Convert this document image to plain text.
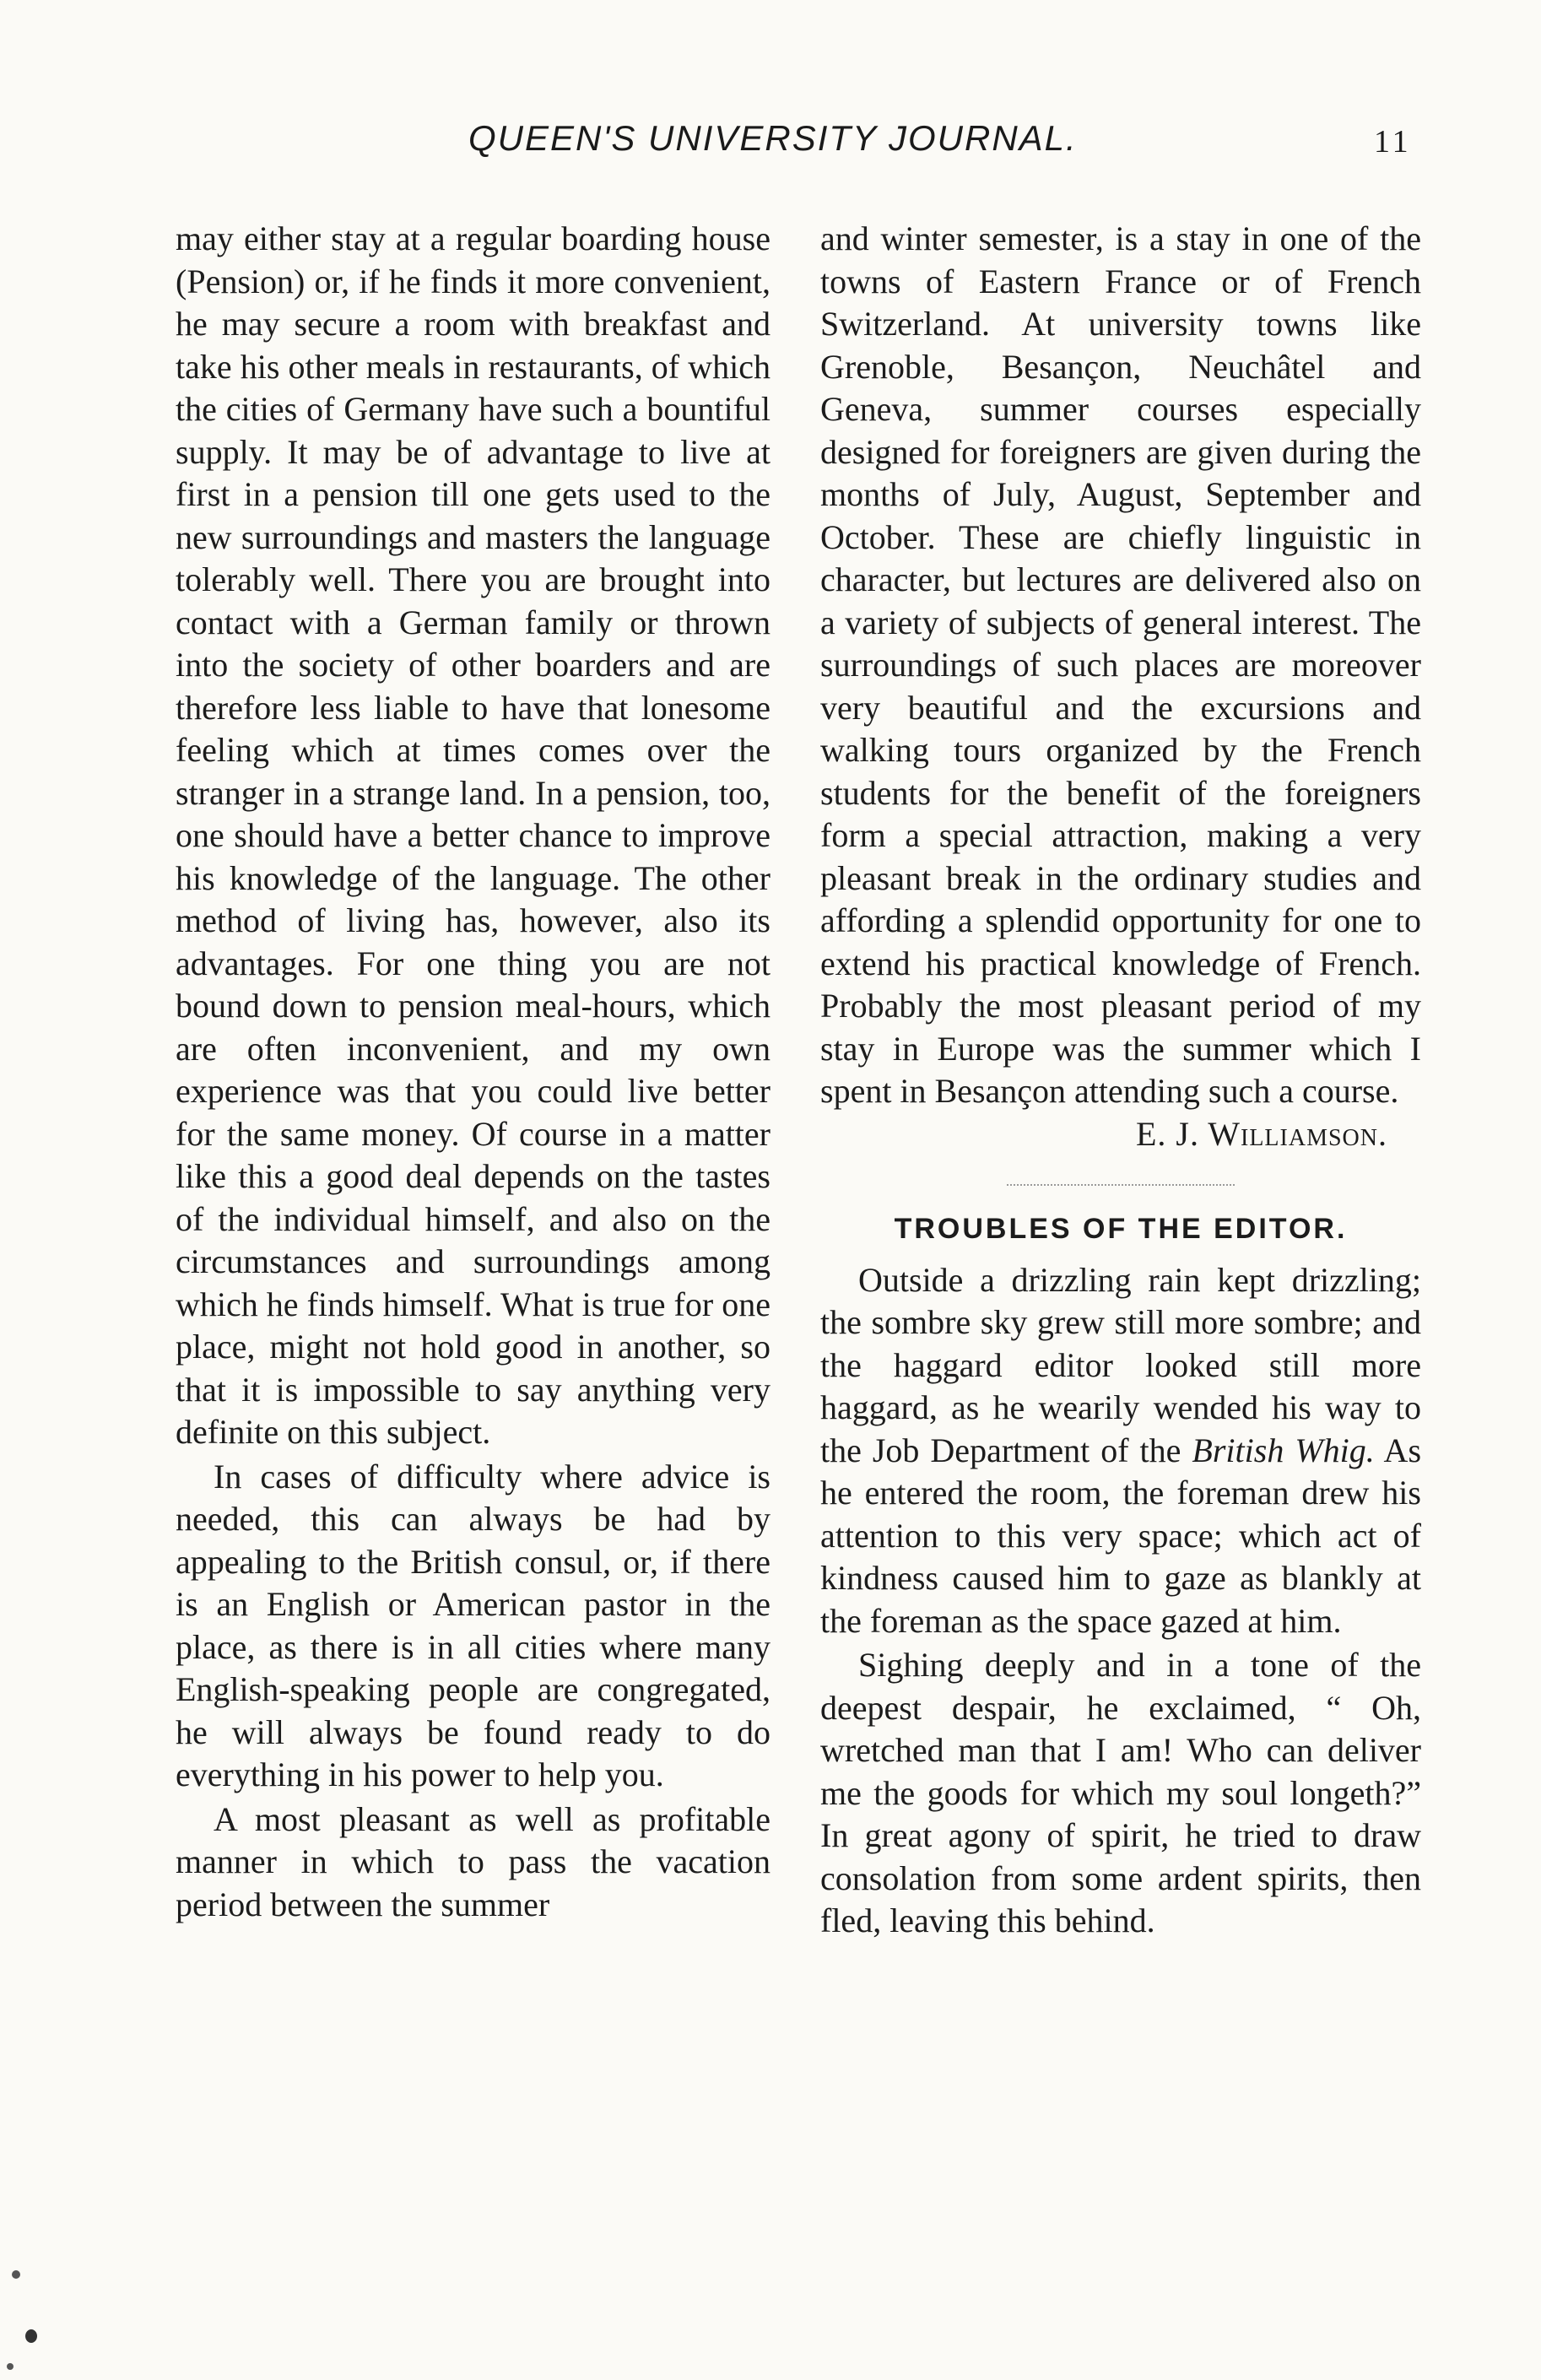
QUEEN'S UNIVERSITY JOURNAL.	11

may either stay at a regular boarding house (Pension) or, if he finds it more convenient, he may secure a room with breakfast and take his other meals in restaurants, of which the cities of Germany have such a bountiful supply. It may be of advantage to live at first in a pension till one gets used to the new surroundings and masters the language tolerably well. There you are brought into contact with a German family or thrown into the society of other boarders and are therefore less liable to have that lonesome feeling which at times comes over the stranger in a strange land. In a pension, too, one should have a better chance to improve his knowledge of the language. The other method of living has, however, also its advantages. For one thing you are not bound down to pension meal-hours, which are often inconvenient, and my own experience was that you could live better for the same money. Of course in a matter like this a good deal depends on the tastes of the individual himself, and also on the circumstances and surroundings among which he finds himself. What is true for one place, might not hold good in another, so that it is impossible to say anything very definite on this subject.

In cases of difficulty where advice is needed, this can always be had by appealing to the British consul, or, if there is an English or American pastor in the place, as there is in all cities where many English-speaking people are congregated, he will always be found ready to do everything in his power to help you.

A most pleasant as well as profitable manner in which to pass the vacation period between the summer

and winter semester, is a stay in one of the towns of Eastern France or of French Switzerland. At university towns like Grenoble, Besançon, Neuchâtel and Geneva, summer courses especially designed for foreigners are given during the months of July, August, September and October. These are chiefly linguistic in character, but lectures are delivered also on a variety of subjects of general interest. The surroundings of such places are moreover very beautiful and the excursions and walking tours organized by the French students for the benefit of the foreigners form a special attraction, making a very pleasant break in the ordinary studies and affording a splendid opportunity for one to extend his practical knowledge of French. Probably the most pleasant period of my stay in Europe was the summer which I spent in Besançon attending such a course.

E. J. Williamson.

TROUBLES OF THE EDITOR.

Outside a drizzling rain kept drizzling; the sombre sky grew still more sombre; and the haggard editor looked still more haggard, as he wearily wended his way to the Job Department of the British Whig. As he entered the room, the foreman drew his attention to this very space; which act of kindness caused him to gaze as blankly at the foreman as the space gazed at him.

Sighing deeply and in a tone of the deepest despair, he exclaimed, “ Oh, wretched man that I am! Who can deliver me the goods for which my soul longeth?” In great agony of spirit, he tried to draw consolation from some ardent spirits, then fled, leaving this behind.
